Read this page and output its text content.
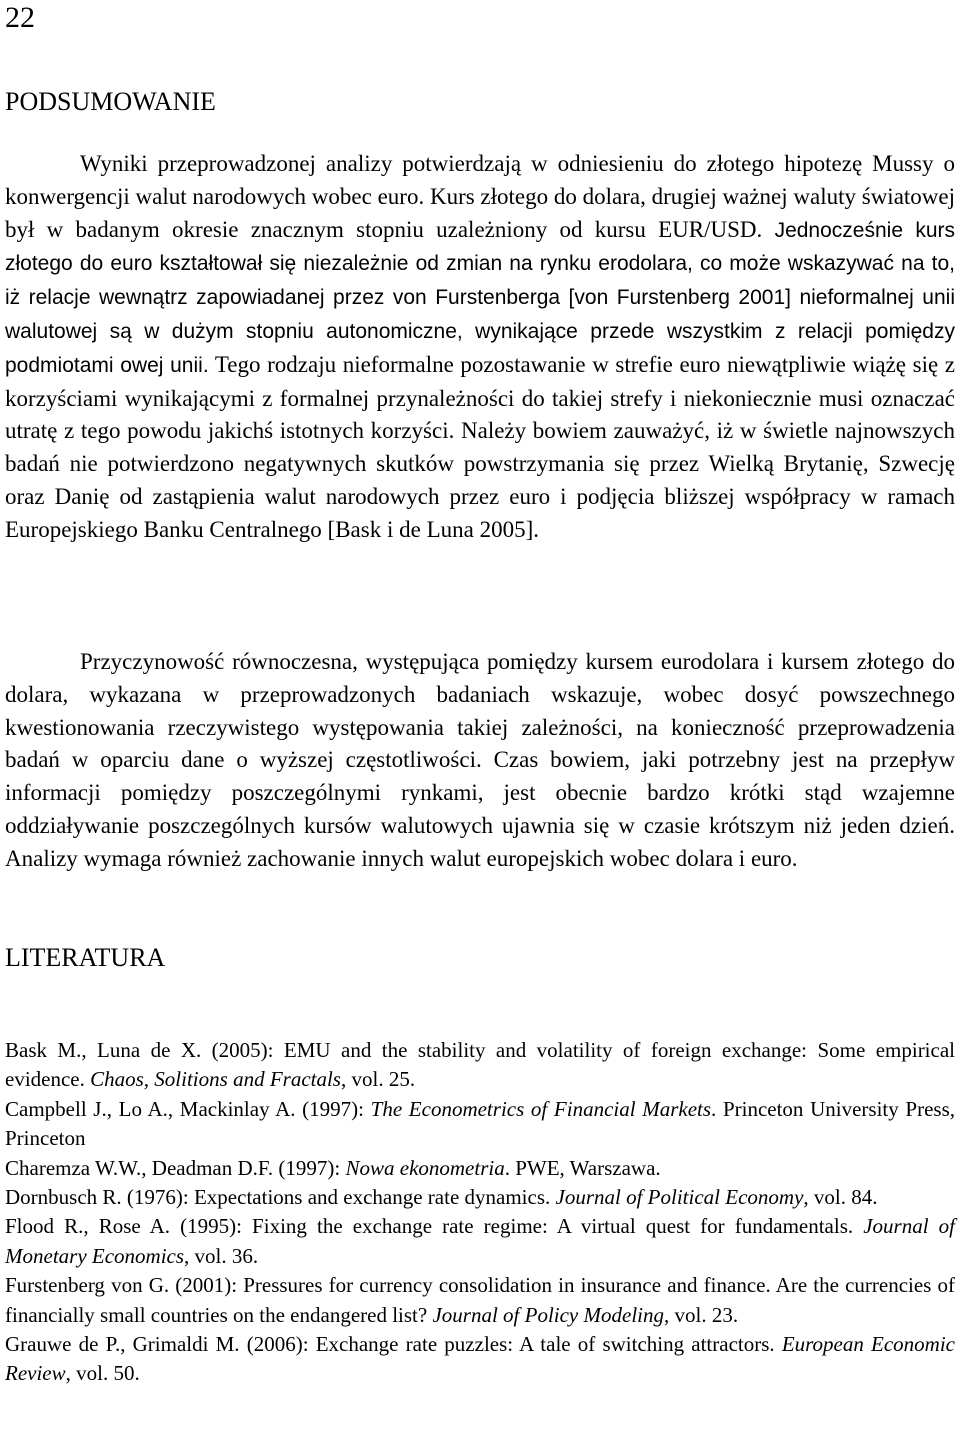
22
PODSUMOWANIE

Wyniki przeprowadzonej analizy potwierdzają w odniesieniu do złotego hipotezę Mussy o konwergencji walut narodowych wobec euro. Kurs złotego do dolara, drugiej ważnej waluty światowej był w badanym okresie znacznym stopniu uzależniony od kursu EUR/USD. Jednocześnie kurs złotego do euro kształtował się niezależnie od zmian na rynku erodolara, co może wskazywać na to, iż relacje wewnątrz zapowiadanej przez von Furstenberga [von Furstenberg 2001] nieformalnej unii walutowej są w dużym stopniu autonomiczne, wynikające przede wszystkim z relacji pomiędzy podmiotami owej unii. Tego rodzaju nieformalne pozostawanie w strefie euro niewątpliwie wiążę się z korzyściami wynikającymi z formalnej przynależności do takiej strefy i niekoniecznie musi oznaczać utratę z tego powodu jakichś istotnych korzyści. Należy bowiem zauważyć, iż w świetle najnowszych badań nie potwierdzono negatywnych skutków powstrzymania się przez Wielką Brytanię, Szwecję oraz Danię od zastąpienia walut narodowych przez euro i podjęcia bliższej współpracy w ramach Europejskiego Banku Centralnego [Bask i de Luna 2005].

Przyczynowość równoczesna, występująca pomiędzy kursem eurodolara i kursem złotego do dolara, wykazana w przeprowadzonych badaniach wskazuje, wobec dosyć powszechnego kwestionowania rzeczywistego występowania takiej zależności, na konieczność przeprowadzenia badań w oparciu dane o wyższej częstotliwości. Czas bowiem, jaki potrzebny jest na przepływ informacji pomiędzy poszczególnymi rynkami, jest obecnie bardzo krótki stąd wzajemne oddziaływanie poszczególnych kursów walutowych ujawnia się w czasie krótszym niż jeden dzień. Analizy wymaga również zachowanie innych walut europejskich wobec dolara i euro.

LITERATURA

Bask M., Luna de X. (2005): EMU and the stability and volatility of foreign exchange: Some empirical evidence. Chaos, Solitions and Fractals, vol. 25.

Campbell J., Lo A., Mackinlay A. (1997): The Econometrics of Financial Markets. Princeton University Press, Princeton

Charemza W.W., Deadman D.F. (1997): Nowa ekonometria. PWE, Warszawa.

Dornbusch R. (1976): Expectations and exchange rate dynamics. Journal of Political Economy, vol. 84.

Flood R., Rose A. (1995): Fixing the exchange rate regime: A virtual quest for fundamentals. Journal of Monetary Economics, vol. 36.

Furstenberg von G. (2001): Pressures for currency consolidation in insurance and finance. Are the currencies of financially small countries on the endangered list? Journal of Policy Modeling, vol. 23.

Grauwe de P., Grimaldi M. (2006): Exchange rate puzzles: A tale of switching attractors. European Economic Review, vol. 50.
